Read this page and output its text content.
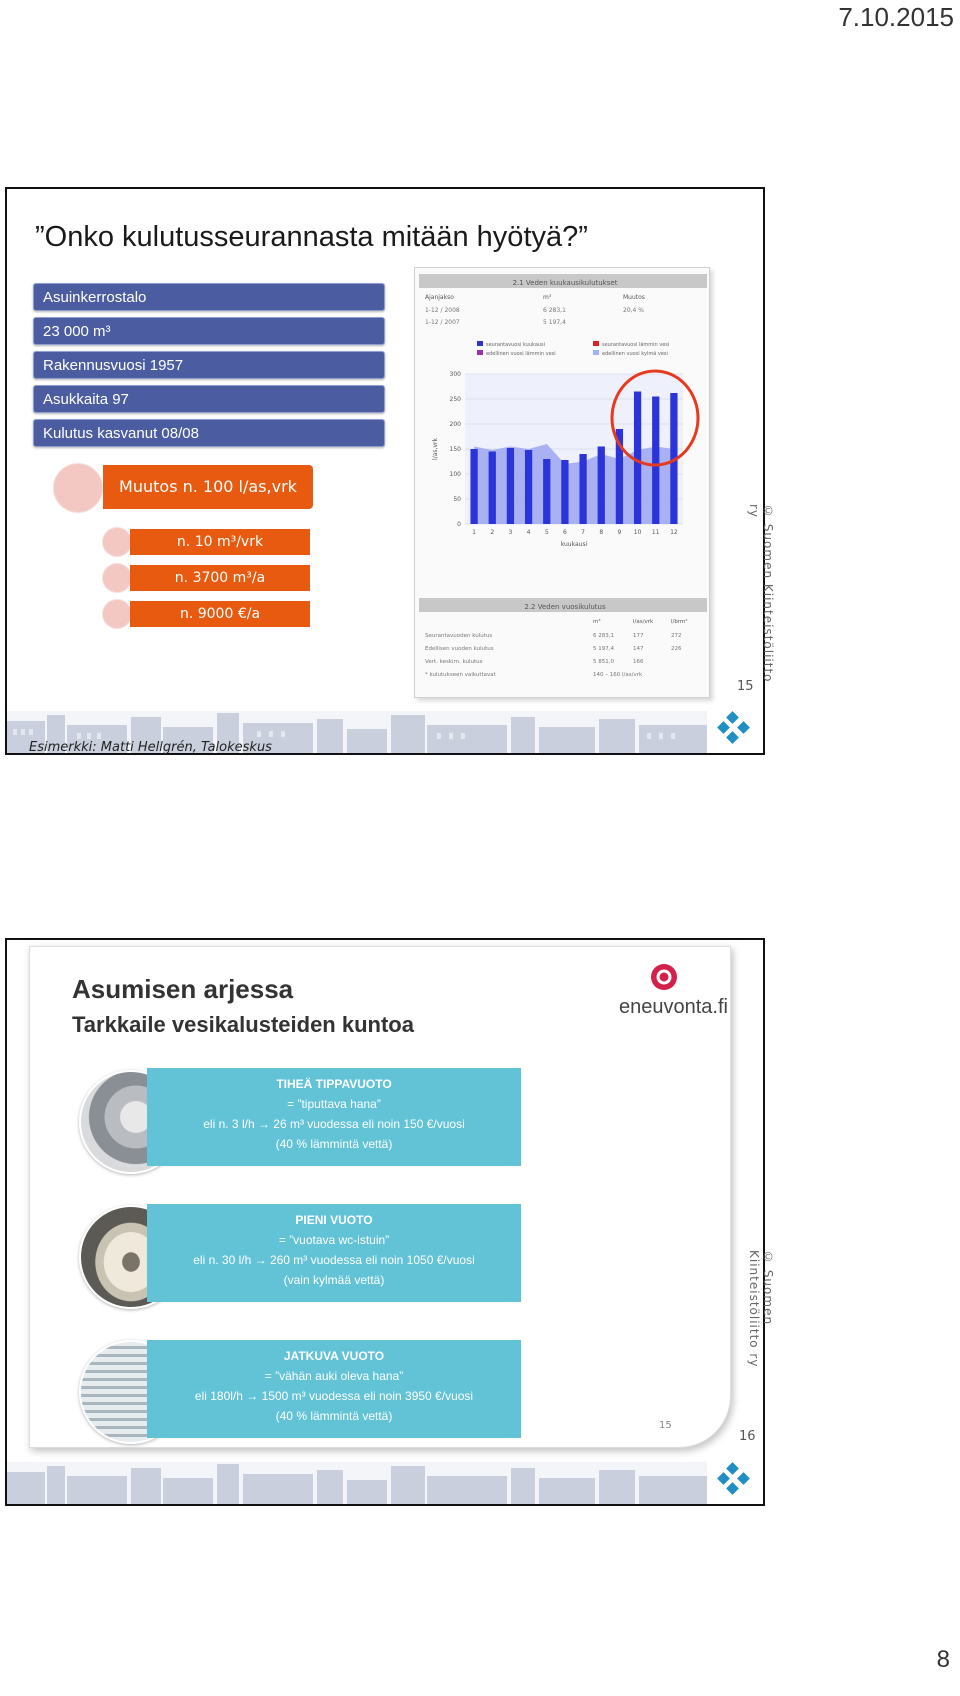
7.10.2015
”Onko kulutusseurannasta mitään hyötyä?”
Asuinkerrostalo
23 000 m³
Rakennusvuosi 1957
Asukkaita 97
Kulutus kasvanut 08/08
Muutos n. 100 l/as,vrk
n. 10 m³/vrk
n. 3700 m³/a
n. 9000 €/a
2.1 Veden kuukausikulutukset
Ajanjakso	m³	Muutos
1-12 / 2008	6 283,1	20,4 %
1-12 / 2007	5 197,4
seurantavuosi kuukausi	seurantavuosi lämmin vesi
edellinen vuosi lämmin vesi	edellinen vuosi kylmä vesi
0
50
100
150
200
250
300
1 2 3 4 5 6 7 8 9 10 11 12
kuukausi
l/as,vrk
2.2 Veden vuosikulutus
m³	l/as/vrk	l/brm²
Seurantavuoden kulutus	6 283,1	177	272
Edellisen vuoden kulutus	5 197,4	147	226
Vert. keskim. kulutus	5 851,0	166
* kulutukseen vaikuttavat	140 – 160 l/as/vrk	© Suomen Kiinteistöliitto ry
15
Esimerkki: Matti Hellgrén, Talokeskus
Asumisen arjessa
Tarkkaile vesikalusteiden kuntoa
eneuvonta.fi
TIHEÄ TIPPAVUOTO
= ”tiputtava hana”
eli n. 3 l/h → 26 m³ vuodessa eli noin 150 €/vuosi
(40 % lämmintä vettä)
PIENI VUOTO
= ”vuotava wc-istuin”
eli n. 30 l/h → 260 m³ vuodessa eli noin 1050 €/vuosi
(vain kylmää vettä)
JATKUVA VUOTO
= ”vähän auki oleva hana”
eli 180l/h → 1500 m³ vuodessa eli noin 3950 €/vuosi
(40 % lämmintä vettä)
15
© Suomen Kiinteistöliitto ry
16
8
